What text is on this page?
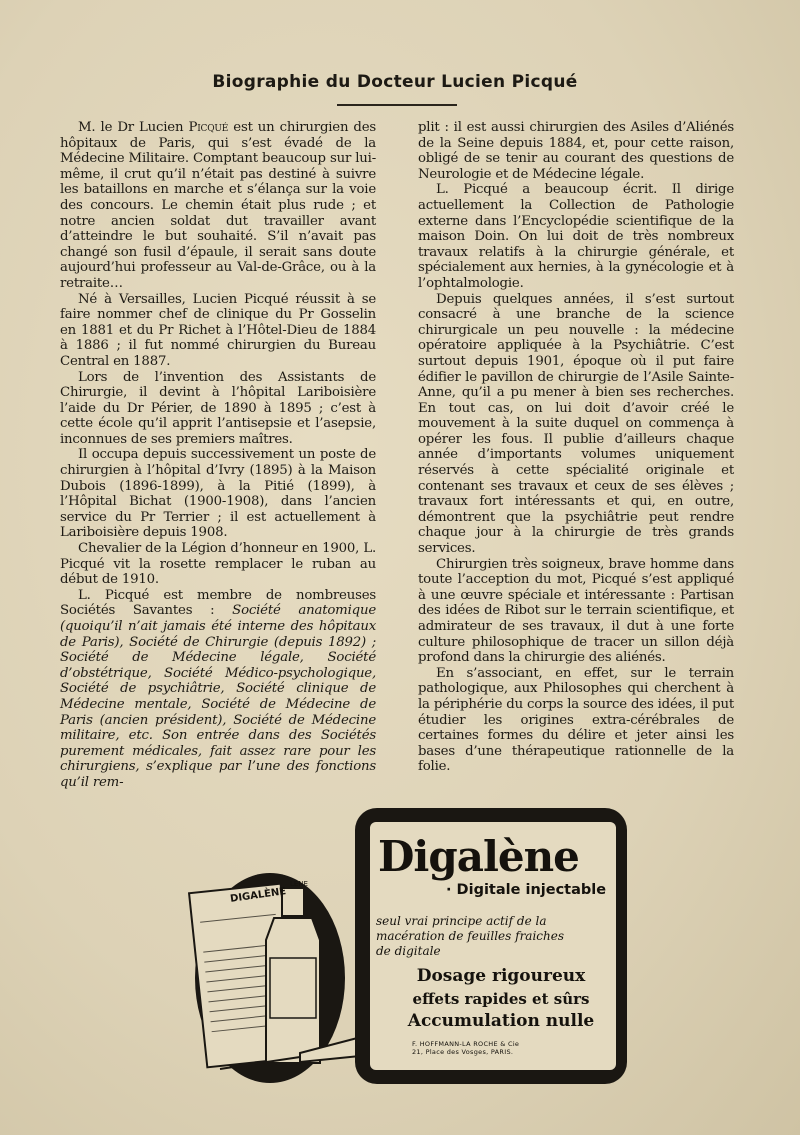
Biographie du Docteur Lucien Picqué

M. le Dr Lucien Picqué est un chirurgien des hôpitaux de Paris, qui s’est évadé de la Médecine Militaire. Comptant beaucoup sur lui-même, il crut qu’il n’était pas destiné à suivre les bataillons en marche et s’élança sur la voie des concours. Le chemin était plus rude ; et notre ancien soldat dut travailler avant d’atteindre le but souhaité. S’il n’avait pas changé son fusil d’épaule, il serait sans doute aujourd’hui professeur au Val-de-Grâce, ou à la retraite…

Né à Versailles, Lucien Picqué réussit à se faire nommer chef de clinique du Pr Gosselin en 1881 et du Pr Richet à l’Hôtel-Dieu de 1884 à 1886 ; il fut nommé chirurgien du Bureau Central en 1887.

Lors de l’invention des Assistants de Chirurgie, il devint à l’hôpital Lariboisière l’aide du Dr Périer, de 1890 à 1895 ; c’est à cette école qu’il apprit l’antisepsie et l’asepsie, inconnues de ses premiers maîtres.

Il occupa depuis successivement un poste de chirurgien à l’hôpital d’Ivry (1895) à la Maison Dubois (1896-1899), à la Pitié (1899), à l’Hôpital Bichat (1900-1908), dans l’ancien service du Pr Terrier ; il est actuellement à Lariboisière depuis 1908.

Chevalier de la Légion d’honneur en 1900, L. Picqué vit la rosette remplacer le ruban au début de 1910.

L. Picqué est membre de nombreuses Sociétés Savantes : Société anatomique (quoiqu’il n’ait jamais été interne des hôpitaux de Paris), Société de Chirurgie (depuis 1892) ; Société de Médecine légale, Société d’obstétrique, Société Médico-psychologique, Société de psychiâtrie, Société clinique de Médecine mentale, Société de Médecine de Paris (ancien président), Société de Médecine militaire, etc. Son entrée dans des Sociétés purement médicales, fait assez rare pour les chirurgiens, s’explique par l’une des fonctions qu’il rem-

plit : il est aussi chirurgien des Asiles d’Aliénés de la Seine depuis 1884, et, pour cette raison, obligé de se tenir au courant des questions de Neurologie et de Médecine légale.

L. Picqué a beaucoup écrit. Il dirige actuellement la Collection de Pathologie externe dans l’Encyclopédie scientifique de la maison Doin. On lui doit de très nombreux travaux relatifs à la chirurgie générale, et spécialement aux hernies, à la gynécologie et à l’ophtalmologie.

Depuis quelques années, il s’est surtout consacré à une branche de la science chirurgicale un peu nouvelle : la médecine opératoire appliquée à la Psychiâtrie. C’est surtout depuis 1901, époque où il put faire édifier le pavillon de chirurgie de l’Asile Sainte-Anne, qu’il a pu mener à bien ses recherches. En tout cas, on lui doit d’avoir créé le mouvement à la suite duquel on commença à opérer les fous. Il publie d’ailleurs chaque année d’importants volumes uniquement réservés à cette spécialité originale et contenant ses travaux et ceux de ses élèves ; travaux fort intéressants et qui, en outre, démontrent que la psychiâtrie peut rendre chaque jour à la chirurgie de très grands services.

Chirurgien très soigneux, brave homme dans toute l’acception du mot, Picqué s’est appliqué à une œuvre spéciale et intéressante : Partisan des idées de Ribot sur le terrain scientifique, et admirateur de ses travaux, il dut à une forte culture philosophique de tracer un sillon déjà profond dans la chirurgie des aliénés.

En s’associant, en effet, sur le terrain pathologique, aux Philosophes qui cherchent à la périphérie du corps la source des idées, il put étudier les origines extra-cérébrales de certaines formes du délire et jeter ainsi les bases d’une thérapeutique rationnelle de la folie.

DIGALÈNE
LÈNE
Digalène
· Digitale injectable
seul vrai principe actif de la macération de feuilles fraiches de digitale
Dosage rigoureux
effets rapides et sûrs
Accumulation nulle
F. HOFFMANN-LA ROCHE & Cie
21, Place des Vosges, PARIS.
